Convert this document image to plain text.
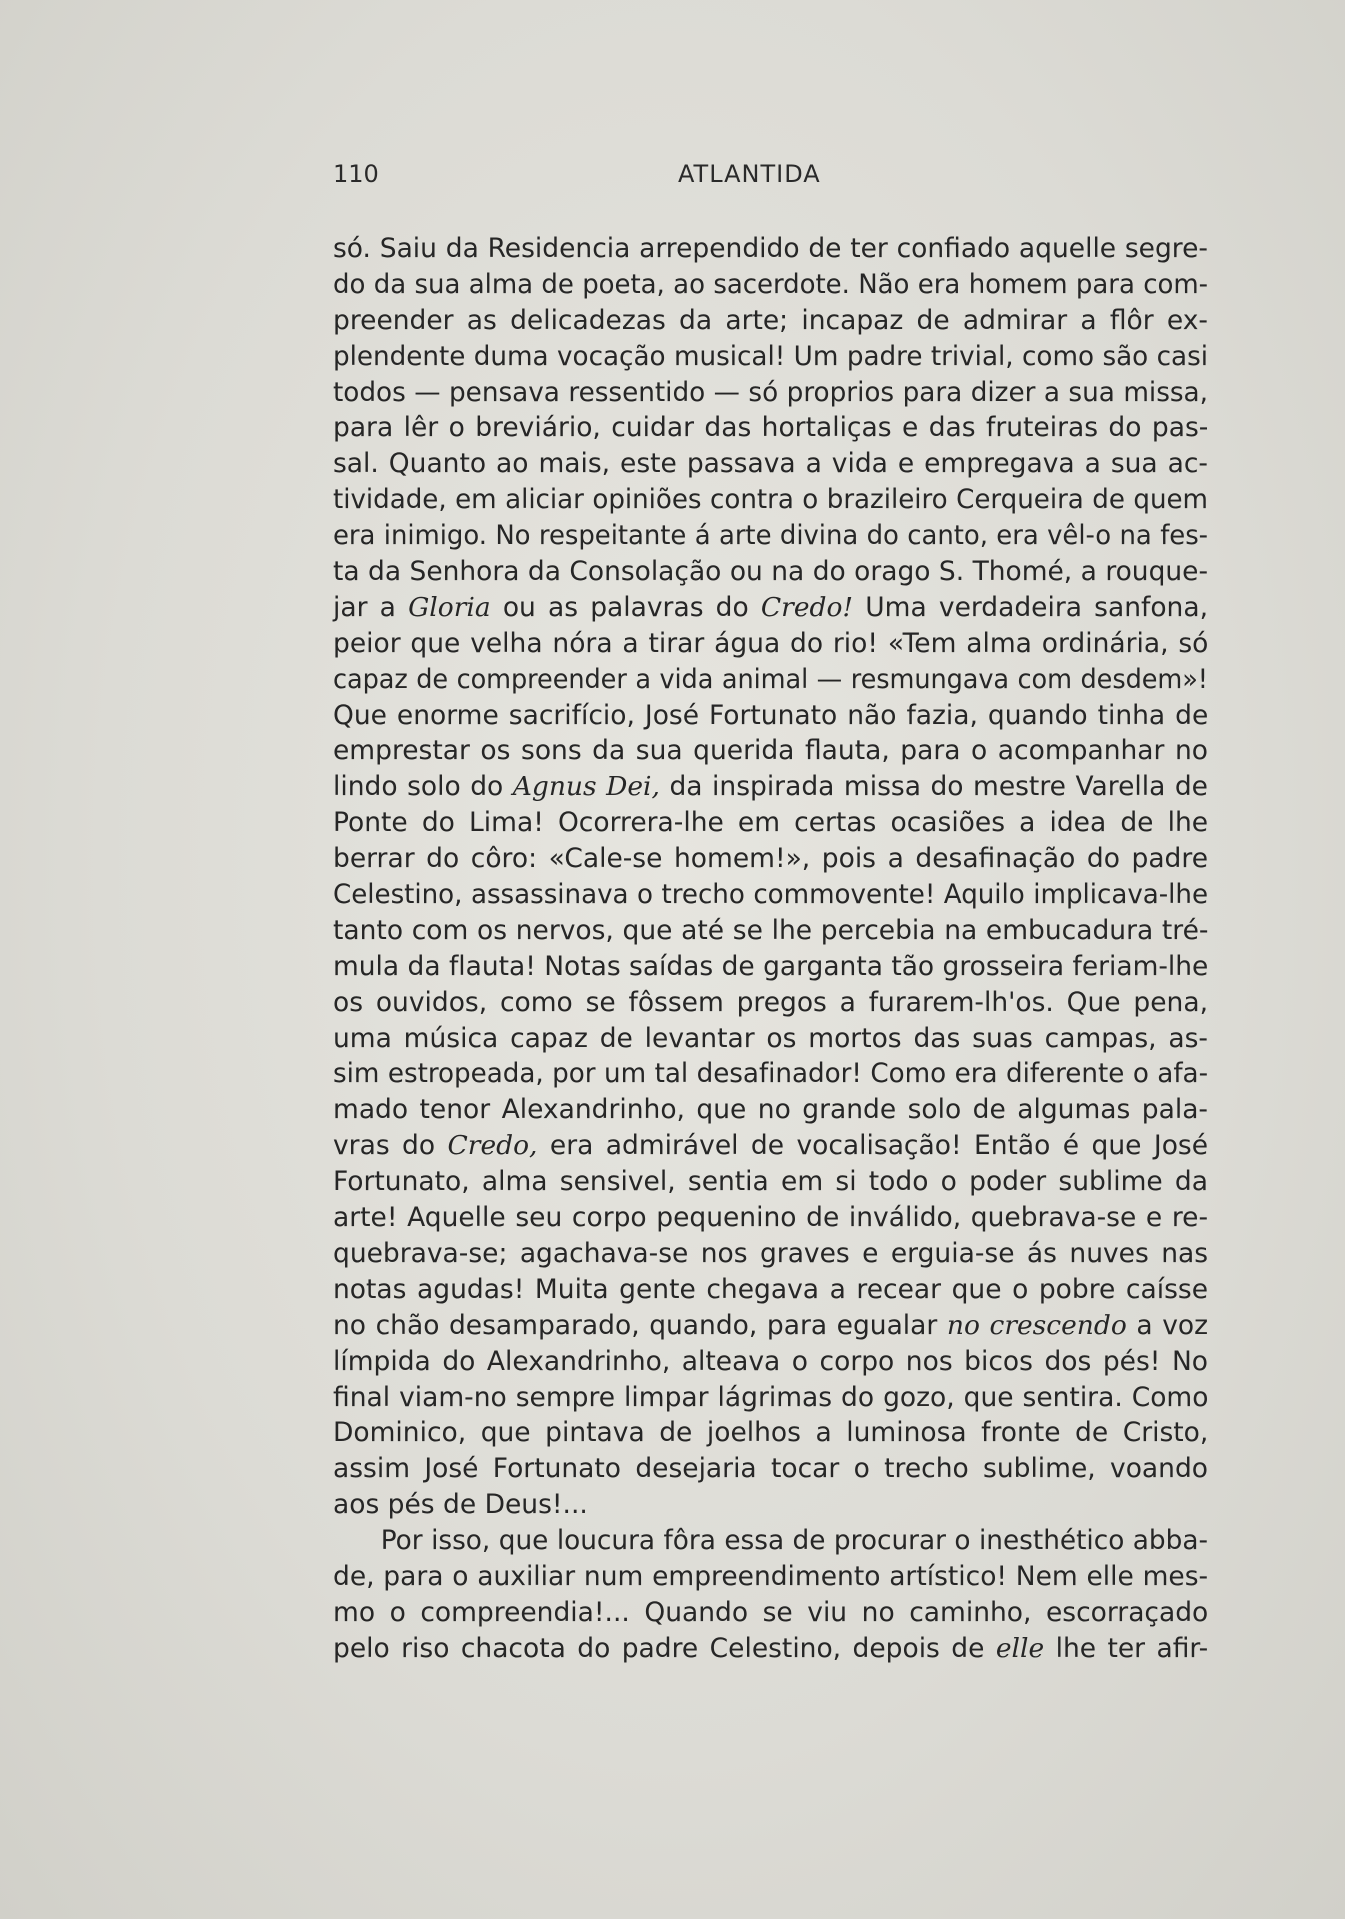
110	ATLANTIDA
só. Saiu da Residencia arrependido de ter confiado aquelle segre-
do da sua alma de poeta, ao sacerdote. Não era homem para com-
preender as delicadezas da arte; incapaz de admirar a flôr ex-
plendente duma vocação musical! Um padre trivial, como são casi
todos — pensava ressentido — só proprios para dizer a sua missa,
para lêr o breviário, cuidar das hortaliças e das fruteiras do pas-
sal. Quanto ao mais, este passava a vida e empregava a sua ac-
tividade, em aliciar opiniões contra o brazileiro Cerqueira de quem
era inimigo. No respeitante á arte divina do canto, era vêl-o na fes-
ta da Senhora da Consolação ou na do orago S. Thomé, a rouque-
jar a Gloria ou as palavras do Credo! Uma verdadeira sanfona,
peior que velha nóra a tirar água do rio! «Tem alma ordinária, só
capaz de compreender a vida animal — resmungava com desdem»!
Que enorme sacrifício, José Fortunato não fazia, quando tinha de
emprestar os sons da sua querida flauta, para o acompanhar no
lindo solo do Agnus Dei, da inspirada missa do mestre Varella de
Ponte do Lima! Ocorrera-lhe em certas ocasiões a idea de lhe
berrar do côro: «Cale-se homem!», pois a desafinação do padre
Celestino, assassinava o trecho commovente! Aquilo implicava-lhe
tanto com os nervos, que até se lhe percebia na embucadura tré-
mula da flauta! Notas saídas de garganta tão grosseira feriam-lhe
os ouvidos, como se fôssem pregos a furarem-lh'os. Que pena,
uma música capaz de levantar os mortos das suas campas, as-
sim estropeada, por um tal desafinador! Como era diferente o afa-
mado tenor Alexandrinho, que no grande solo de algumas pala-
vras do Credo, era admirável de vocalisação! Então é que José
Fortunato, alma sensivel, sentia em si todo o poder sublime da
arte! Aquelle seu corpo pequenino de inválido, quebrava-se e re-
quebrava-se; agachava-se nos graves e erguia-se ás nuves nas
notas agudas! Muita gente chegava a recear que o pobre caísse
no chão desamparado, quando, para egualar no crescendo a voz
límpida do Alexandrinho, alteava o corpo nos bicos dos pés! No
final viam-no sempre limpar lágrimas do gozo, que sentira. Como
Dominico, que pintava de joelhos a luminosa fronte de Cristo,
assim José Fortunato desejaria tocar o trecho sublime, voando
aos pés de Deus!...
Por isso, que loucura fôra essa de procurar o inesthético abba-
de, para o auxiliar num empreendimento artístico! Nem elle mes-
mo o compreendia!... Quando se viu no caminho, escorraçado
pelo riso chacota do padre Celestino, depois de elle lhe ter afir-
